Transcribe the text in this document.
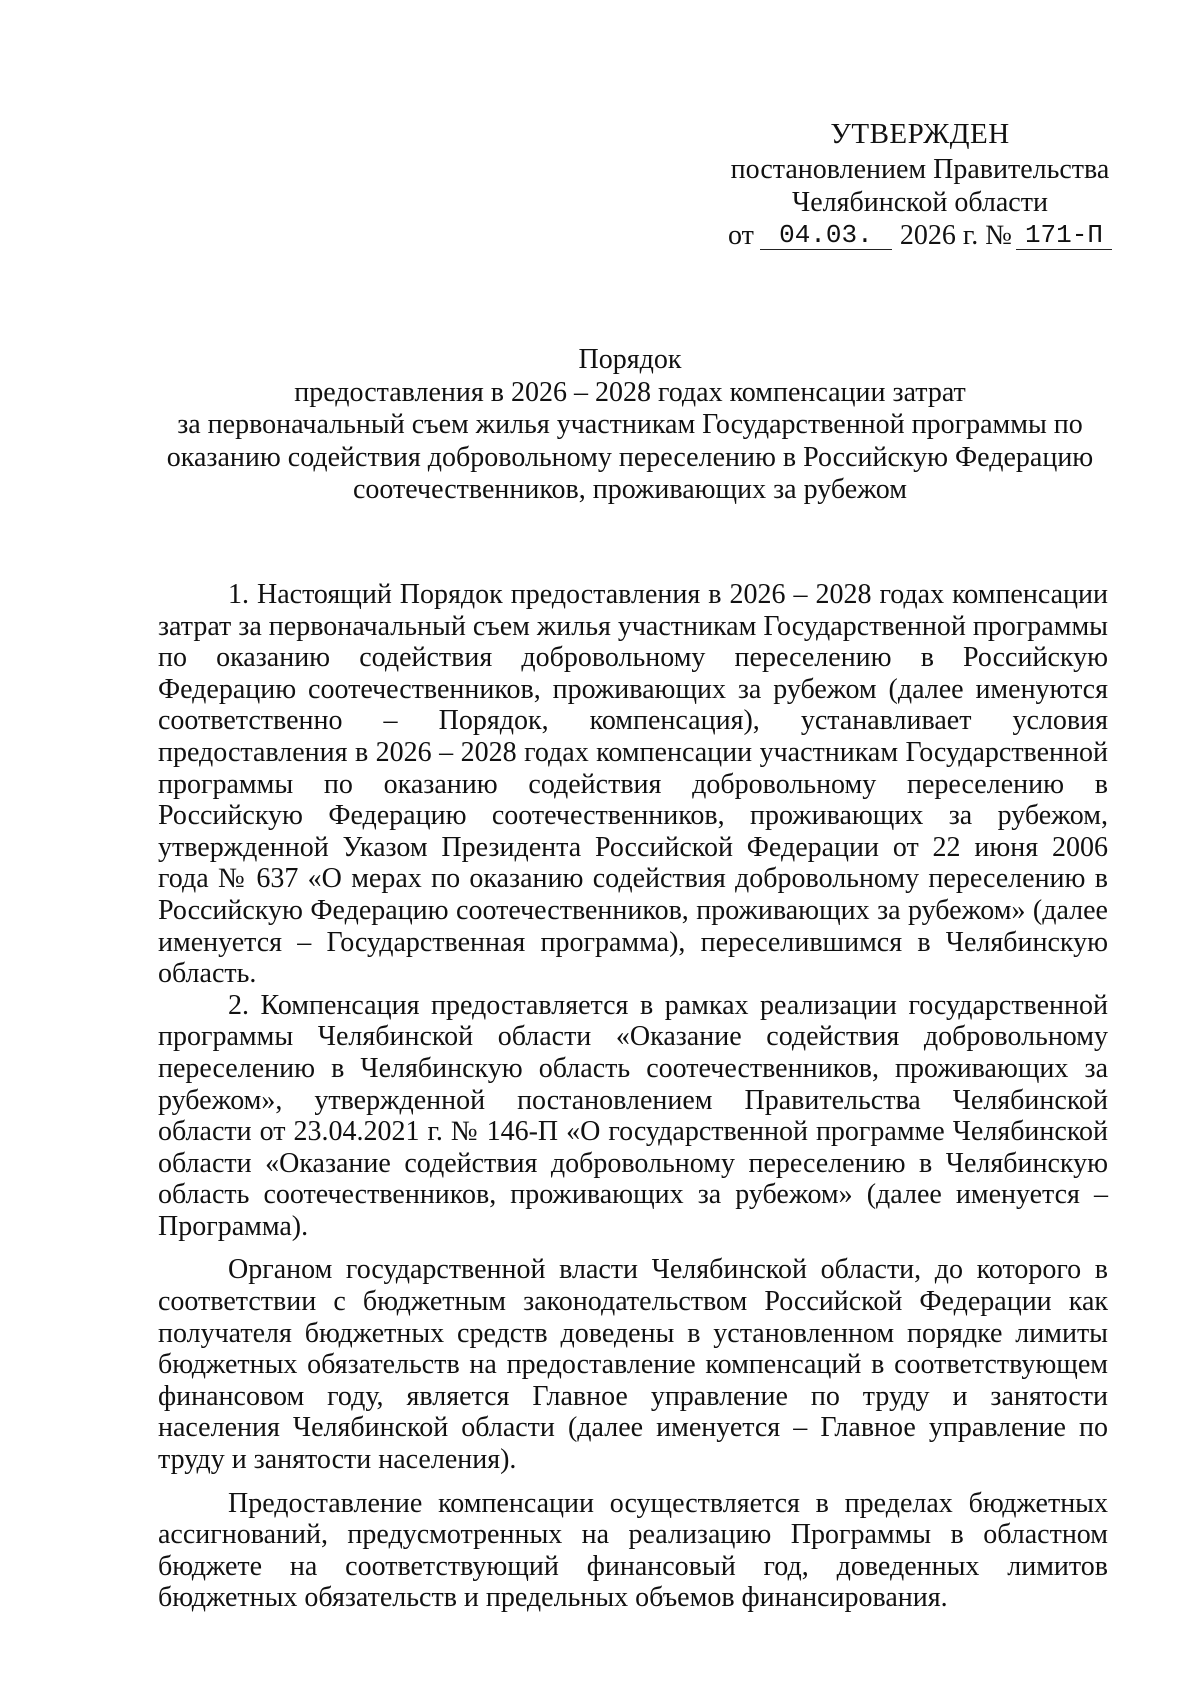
УТВЕРЖДЕН
постановлением Правительства
Челябинской области
от 04.03. 2026 г. № 171-П
Порядок
предоставления в 2026 – 2028 годах компенсации затрат
за первоначальный съем жилья участникам Государственной программы по
оказанию содействия добровольному переселению в Российскую Федерацию
соотечественников, проживающих за рубежом

1. Настоящий Порядок предоставления в 2026 – 2028 годах компенсации затрат за первоначальный съем жилья участникам Государственной программы по оказанию содействия добровольному переселению в Российскую Федерацию соотечественников, проживающих за рубежом (далее именуются соответственно – Порядок, компенсация), устанавливает условия предоставления в 2026 – 2028 годах компенсации участникам Государственной программы по оказанию содействия добровольному переселению в Российскую Федерацию соотечественников, проживающих за рубежом, утвержденной Указом Президента Российской Федерации от 22 июня 2006 года № 637 «О мерах по оказанию содействия добровольному переселению в Российскую Федерацию соотечественников, проживающих за рубежом» (далее именуется – Государственная программа), переселившимся в Челябинскую область.

2. Компенсация предоставляется в рамках реализации государственной программы Челябинской области «Оказание содействия добровольному переселению в Челябинскую область соотечественников, проживающих за рубежом», утвержденной постановлением Правительства Челябинской области от 23.04.2021 г. № 146-П «О государственной программе Челябинской области «Оказание содействия добровольному переселению в Челябинскую область соотечественников, проживающих за рубежом» (далее именуется – Программа).

Органом государственной власти Челябинской области, до которого в соответствии с бюджетным законодательством Российской Федерации как получателя бюджетных средств доведены в установленном порядке лимиты бюджетных обязательств на предоставление компенсаций в соответствующем финансовом году, является Главное управление по труду и занятости населения Челябинской области (далее именуется – Главное управление по труду и занятости населения).

Предоставление компенсации осуществляется в пределах бюджетных ассигнований, предусмотренных на реализацию Программы в областном бюджете на соответствующий финансовый год, доведенных лимитов бюджетных обязательств и предельных объемов финансирования.
